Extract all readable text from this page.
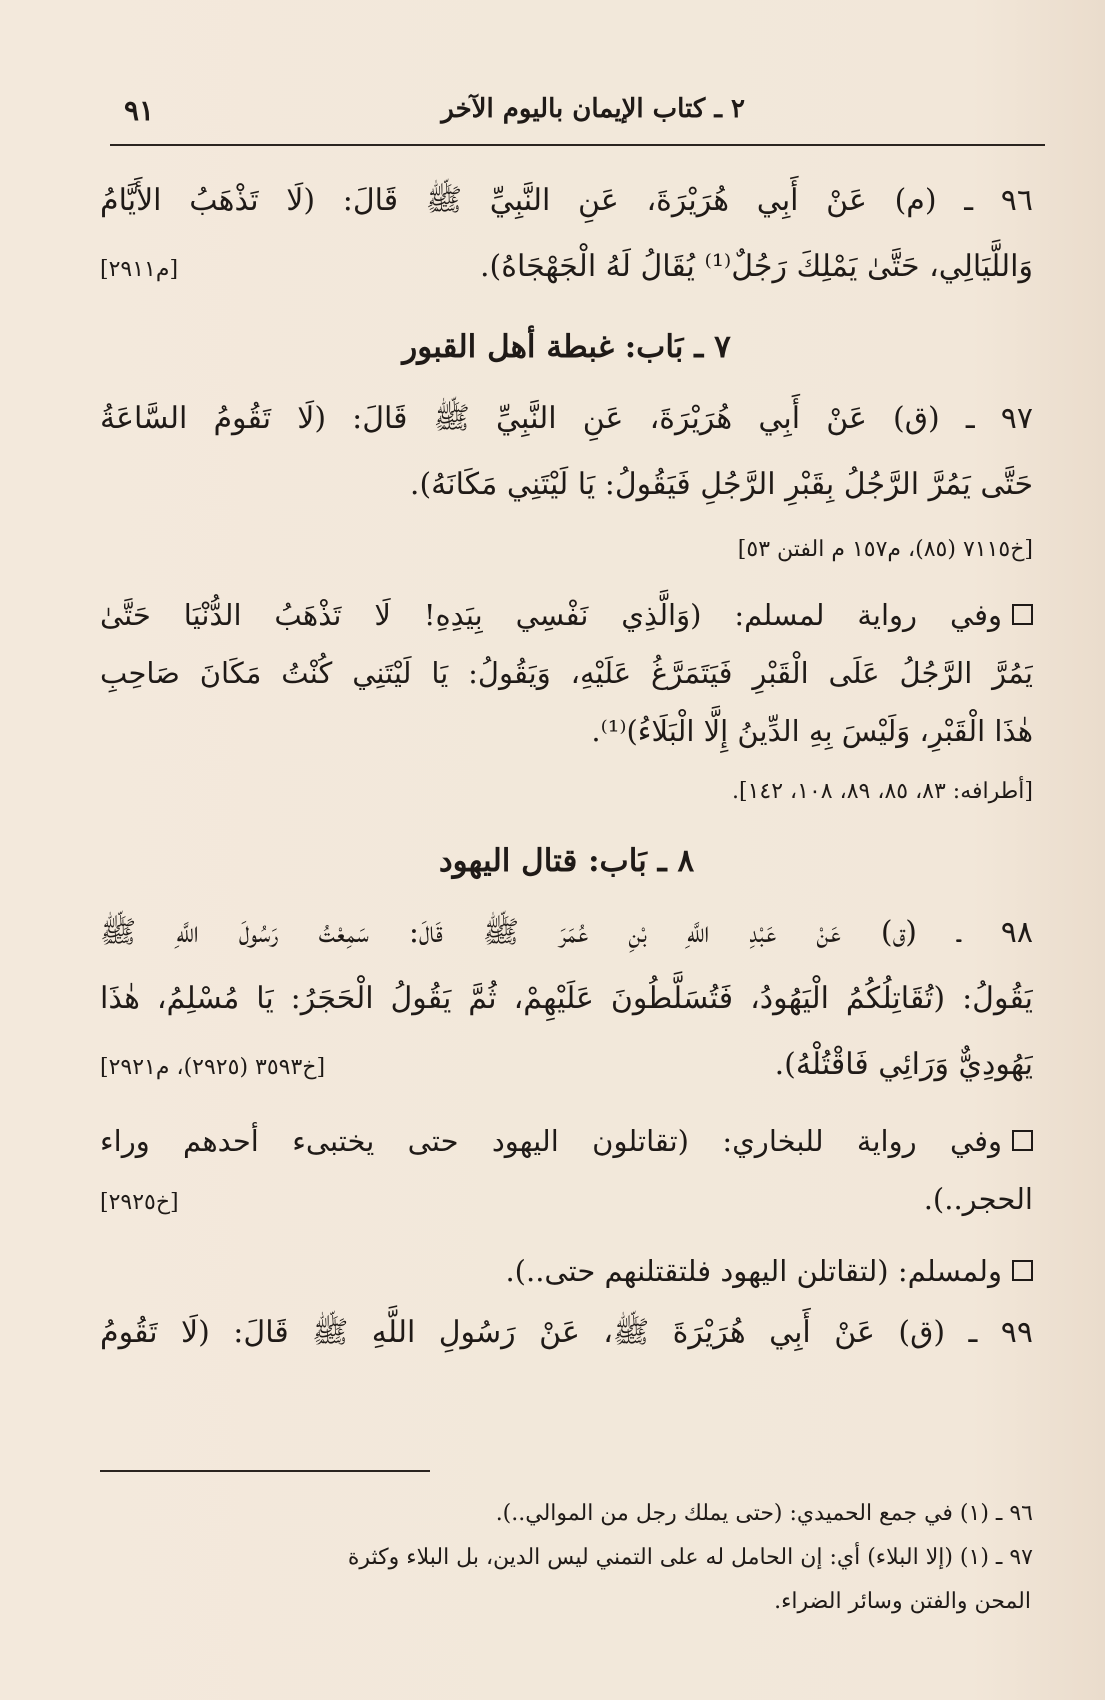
٢ ـ كتاب الإيمان باليوم الآخر
٩١
٩٦ ـ (م) عَنْ أَبِي هُرَيْرَةَ، عَنِ النَّبِيِّ ﷺ قَالَ: (لَا تَذْهَبُ الأَيَّامُ
وَاللَّيَالِي، حَتَّىٰ يَمْلِكَ رَجُلٌ⁽¹⁾ يُقَالُ لَهُ الْجَهْجَاهُ).
[م٢٩١١]
٧ ـ بَاب: غبطة أهل القبور
٩٧ ـ (ق) عَنْ أَبِي هُرَيْرَةَ، عَنِ النَّبِيِّ ﷺ قَالَ: (لَا تَقُومُ السَّاعَةُ
حَتَّى يَمُرَّ الرَّجُلُ بِقَبْرِ الرَّجُلِ فَيَقُولُ: يَا لَيْتَنِي مَكَانَهُ).
[خ٧١١٥ (٨٥)، م١٥٧ م الفتن ٥٣]
وفي رواية لمسلم: (وَالَّذِي نَفْسِي بِيَدِهِ! لَا تَذْهَبُ الدُّنْيَا حَتَّىٰ
يَمُرَّ الرَّجُلُ عَلَى الْقَبْرِ فَيَتَمَرَّغُ عَلَيْهِ، وَيَقُولُ: يَا لَيْتَنِي كُنْتُ مَكَانَ صَاحِبِ
هٰذَا الْقَبْرِ، وَلَيْسَ بِهِ الدِّينُ إِلَّا الْبَلَاءُ)⁽¹⁾.
[أطرافه: ٨٣، ٨٥، ٨٩، ١٠٨، ١٤٢].
٨ ـ بَاب: قتال اليهود
٩٨ ـ (ق) عَنْ عَبْدِ اللَّهِ بْنِ عُمَرَ ﷺ قَالَ: سَمِعْتُ رَسُولَ اللَّهِ ﷺ
يَقُولُ: (تُقَاتِلُكُمُ الْيَهُودُ، فَتُسَلَّطُونَ عَلَيْهِمْ، ثُمَّ يَقُولُ الْحَجَرُ: يَا مُسْلِمُ، هٰذَا
يَهُودِيٌّ وَرَائِي فَاقْتُلْهُ).
[خ٣٥٩٣ (٢٩٢٥)، م٢٩٢١]
وفي رواية للبخاري: (تقاتلون اليهود حتى يختبىء أحدهم وراء
الحجر..).
[خ٢٩٢٥]
ولمسلم: (لتقاتلن اليهود فلتقتلنهم حتى..).
٩٩ ـ (ق) عَنْ أَبِي هُرَيْرَةَ ﷺ، عَنْ رَسُولِ اللَّهِ ﷺ قَالَ: (لَا تَقُومُ
٩٦ ـ (١) في جمع الحميدي: (حتى يملك رجل من الموالي..).
٩٧ ـ (١) (إلا البلاء) أي: إن الحامل له على التمني ليس الدين، بل البلاء وكثرة
المحن والفتن وسائر الضراء.
